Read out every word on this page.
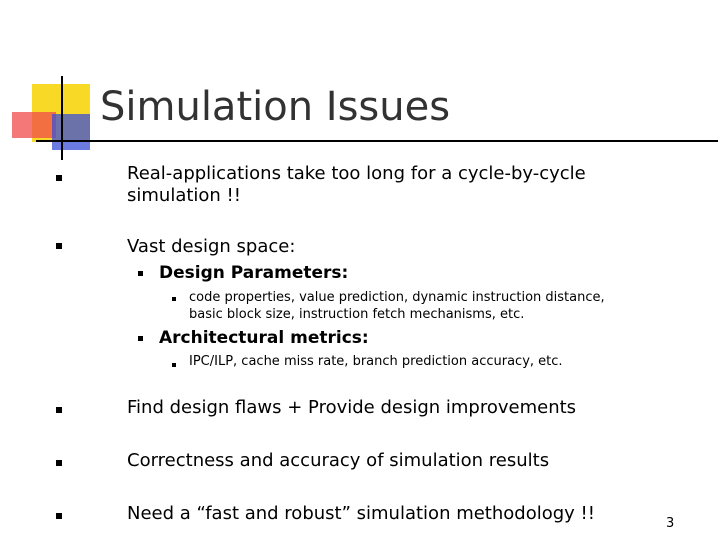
Simulation Issues
Real-applications take too long for a cycle-by-cycle
simulation !!
Vast design space:
Design Parameters:
code properties, value prediction, dynamic instruction distance,
basic block size, instruction fetch mechanisms, etc.
Architectural metrics:
IPC/ILP, cache miss rate, branch prediction accuracy, etc.
Find design flaws + Provide design improvements
Correctness and accuracy of simulation results
Need a “fast and robust” simulation methodology !!	3
